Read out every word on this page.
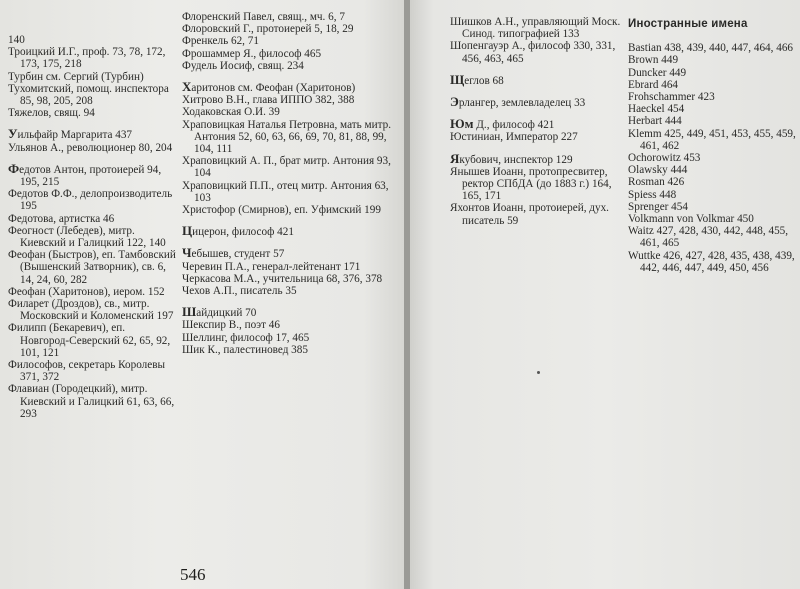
140

Троицкий И.Г., проф. 73, 78, 172, 173, 175, 218

Турбин см. Сергий (Турбин)

Тухомитский, помощ. инспектора 85, 98, 205, 208

Тяжелов, свящ. 94

Уильфайр Маргарита 437

Ульянов А., революционер 80, 204

Федотов Антон, протоиерей 94, 195, 215

Федотов Ф.Ф., делопроизводитель 195

Федотова, артистка 46

Феогност (Лебедев), митр. Киевский и Галицкий 122, 140

Феофан (Быстров), еп. Тамбовский (Вышенский Затворник), св. 6, 14, 24, 60, 282

Феофан (Харитонов), иером. 152

Филарет (Дроздов), св., митр. Московский и Коломенский 197

Филипп (Бекаревич), еп. Новгород-Северский 62, 65, 92, 101, 121

Философов, секретарь Королевы 371, 372

Флавиан (Городецкий), митр. Киевский и Галицкий 61, 63, 66, 293

Флоренский Павел, свящ., мч. 6, 7

Флоровский Г., протоиерей 5, 18, 29

Френкель 62, 71

Фрошаммер Я., философ 465

Фудель Иосиф, свящ. 234

Харитонов см. Феофан (Харитонов)

Хитрово В.Н., глава ИППО 382, 388

Ходаковская О.И. 39

Храповицкая Наталья Петровна, мать митр. Антония 52, 60, 63, 66, 69, 70, 81, 88, 99, 104, 111

Храповицкий А. П., брат митр. Антония 93, 104

Храповицкий П.П., отец митр. Антония 63, 103

Христофор (Смирнов), еп. Уфимский 199

Цицерон, философ 421

Чебышев, студент 57

Черевин П.А., генерал-лейтенант 171

Черкасова М.А., учительница 68, 376, 378

Чехов А.П., писатель 35

Шайдицкий 70

Шекспир В., поэт 46

Шеллинг, философ 17, 465

Шик К., палестиновед 385

Шишков А.Н., управляющий Моск. Синод. типографией 133

Шопенгауэр А., философ 330, 331, 456, 463, 465

Щеглов 68

Эрлангер, землевладелец 33

Юм Д., философ 421

Юстиниан, Император 227

Якубович, инспектор 129

Янышев Иоанн, протопресвитер, ректор СПбДА (до 1883 г.) 164, 165, 171

Яхонтов Иоанн, протоиерей, дух. писатель 59

Иностранные имена

Bastian 438, 439, 440, 447, 464, 466

Brown 449

Duncker 449

Ebrard 464

Frohschammer 423

Haeckel 454

Herbart 444

Klemm 425, 449, 451, 453, 455, 459, 461, 462

Ochorowitz 453

Olawsky 444

Rosman 426

Spiess 448

Sprenger 454

Volkmann von Volkmar 450

Waitz 427, 428, 430, 442, 448, 455, 461, 465

Wuttke 426, 427, 428, 435, 438, 439, 442, 446, 447, 449, 450, 456

546
